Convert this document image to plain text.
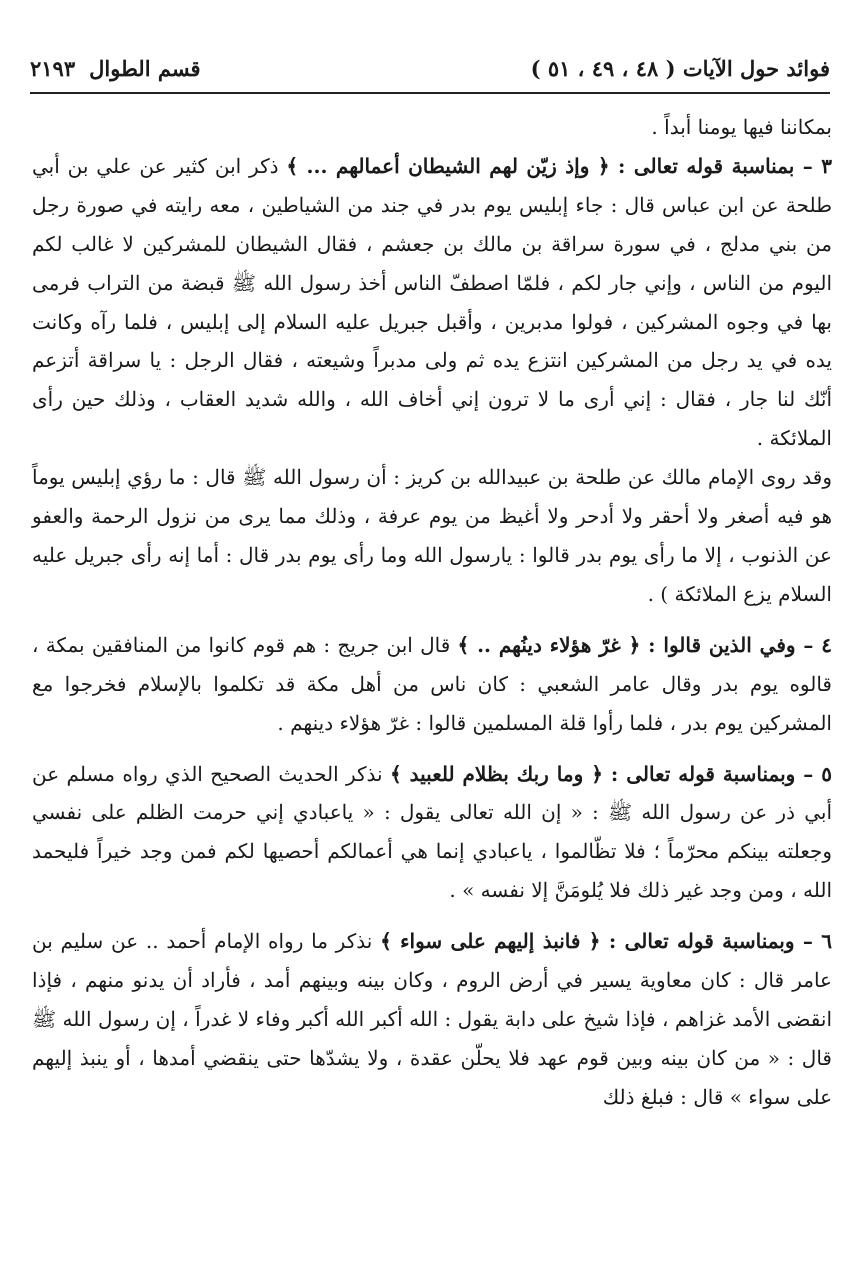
فوائد حول الآيات ( ٤٨ ، ٤٩ ، ٥١ )
قسم الطوال
٢١٩٣

بمكاننا فيها يومنا أبداً .

٣ – بمناسبة قوله تعالى : ﴿ وإذ زيّن لهم الشيطان أعمالهم ... ﴾ ذكر ابن كثير عن علي بن أبي طلحة عن ابن عباس قال : جاء إبليس يوم بدر في جند من الشياطين ، معه رايته في صورة رجل من بني مدلج ، في سورة سراقة بن مالك بن جعشم ، فقال الشيطان للمشركين لا غالب لكم اليوم من الناس ، وإني جار لكم ، فلمّا اصطفّ الناس أخذ رسول الله ﷺ قبضة من التراب فرمى بها في وجوه المشركين ، فولوا مدبرين ، وأقبل جبريل عليه السلام إلى إبليس ، فلما رآه وكانت يده في يد رجل من المشركين انتزع يده ثم ولى مدبراً وشيعته ، فقال الرجل : يا سراقة أتزعم أنّك لنا جار ، فقال : إني أرى ما لا ترون إني أخاف الله ، والله شديد العقاب ، وذلك حين رأى الملائكة .

وقد روى الإمام مالك عن طلحة بن عبيدالله بن كريز : أن رسول الله ﷺ قال : ما رؤي إبليس يوماً هو فيه أصغر ولا أحقر ولا أدحر ولا أغيظ من يوم عرفة ، وذلك مما يرى من نزول الرحمة والعفو عن الذنوب ، إلا ما رأى يوم بدر قالوا : يارسول الله وما رأى يوم بدر قال : أما إنه رأى جبريل عليه السلام يزع الملائكة ) .

٤ – وفي الذين قالوا : ﴿ غرّ هؤلاء دينُهم .. ﴾ قال ابن جريج : هم قوم كانوا من المنافقين بمكة ، قالوه يوم بدر وقال عامر الشعبي : كان ناس من أهل مكة قد تكلموا بالإسلام فخرجوا مع المشركين يوم بدر ، فلما رأوا قلة المسلمين قالوا : غرّ هؤلاء دينهم .

٥ – وبمناسبة قوله تعالى : ﴿ وما ربك بظلام للعبيد ﴾ نذكر الحديث الصحيح الذي رواه مسلم عن أبي ذر عن رسول الله ﷺ : « إن الله تعالى يقول : « ياعبادي إني حرمت الظلم على نفسي وجعلته بينكم محرّماً ؛ فلا تظّالموا ، ياعبادي إنما هي أعمالكم أحصيها لكم فمن وجد خيراً فليحمد الله ، ومن وجد غير ذلك فلا يُلومَنَّ إلا نفسه » .

٦ – وبمناسبة قوله تعالى : ﴿ فانبذ إليهم على سواء ﴾ نذكر ما رواه الإمام أحمد .. عن سليم بن عامر قال : كان معاوية يسير في أرض الروم ، وكان بينه وبينهم أمد ، فأراد أن يدنو منهم ، فإذا انقضى الأمد غزاهم ، فإذا شيخ على دابة يقول : الله أكبر الله أكبر وفاء لا غدراً ، إن رسول الله ﷺ قال : « من كان بينه وبين قوم عهد فلا يحلّن عقدة ، ولا يشدّها حتى ينقضي أمدها ، أو ينبذ إليهم على سواء » قال : فبلغ ذلك
